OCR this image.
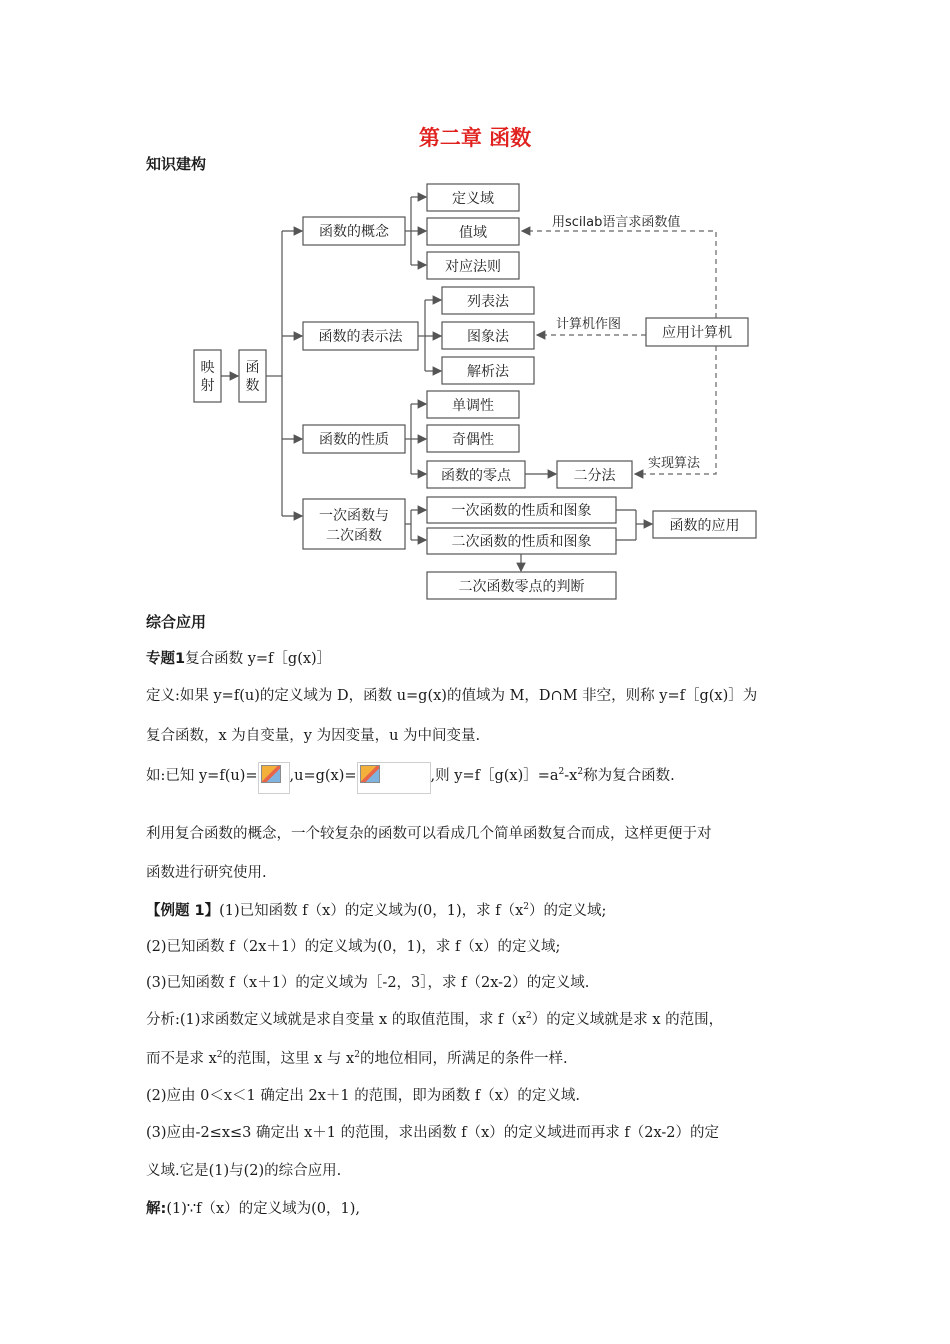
第二章 函数
知识建构
映
射
函
数
函数的概念
定义域
值域
对应法则
函数的表示法
列表法
图象法
解析法
函数的性质
单调性
奇偶性
函数的零点	二分法
应用计算机
用scilab语言求函数值
计算机作图
实现算法
一次函数与
二次函数
一次函数的性质和图象
二次函数的性质和图象
函数的应用
二次函数零点的判断
综合应用
专题1复合函数 y=f［g(x)］
定义:如果 y=f(u)的定义域为 D，函数 u=g(x)的值域为 M，D∩M 非空，则称 y=f［g(x)］为
复合函数，x 为自变量，y 为因变量，u 为中间变量.
如:已知 y=f(u)= ,u=g(x)=	,则 $y=f[g(x)]=a^2-x^2$称为复合函数.
利用复合函数的概念，一个较复杂的函数可以看成几个简单函数复合而成，这样更便于对
函数进行研究使用.
【例题 1】(1)已知函数 f（x）的定义域为(0，1)，求 $f(x^2)$的定义域;
(2)已知函数 f（2x＋1）的定义域为(0，1)，求 f（x）的定义域;
(3)已知函数 f（x＋1）的定义域为［-2，3］，求 f（2x-2）的定义域.
分析:(1)求函数定义域就是求自变量 x 的取值范围，求 $f(x^2)$的定义域就是求 x 的范围，
而不是求 $x^2$的范围，这里 x 与 $x^2$的地位相同，所满足的条件一样.
(2)应由 0＜x＜1 确定出 2x＋1 的范围，即为函数 f（x）的定义域.
(3)应由-2≤x≤3 确定出 x＋1 的范围，求出函数 f（x）的定义域进而再求 f（2x-2）的定
义域.它是(1)与(2)的综合应用.
解:(1)∵f（x）的定义域为(0，1),
